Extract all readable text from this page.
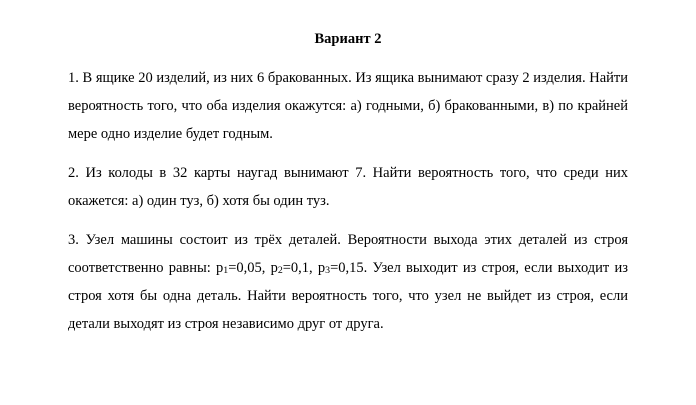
Вариант 2

1. В ящике 20 изделий, из них 6 бракованных. Из ящика вынимают сразу 2 изделия. Найти вероятность того, что оба изделия окажутся: а) годными, б) бракованными, в) по крайней мере одно изделие будет годным.

2. Из колоды в 32 карты наугад вынимают 7. Найти вероятность того, что среди них окажется: а) один туз, б) хотя бы один туз.

3. Узел машины состоит из трёх деталей. Вероятности выхода этих деталей из строя соответственно равны: $p_1=0,05$, $p_2=0,1$, $p_3=0,15$. Узел выходит из строя, если выходит из строя хотя бы одна деталь. Найти вероятность того, что узел не выйдет из строя, если детали выходят из строя независимо друг от друга.
